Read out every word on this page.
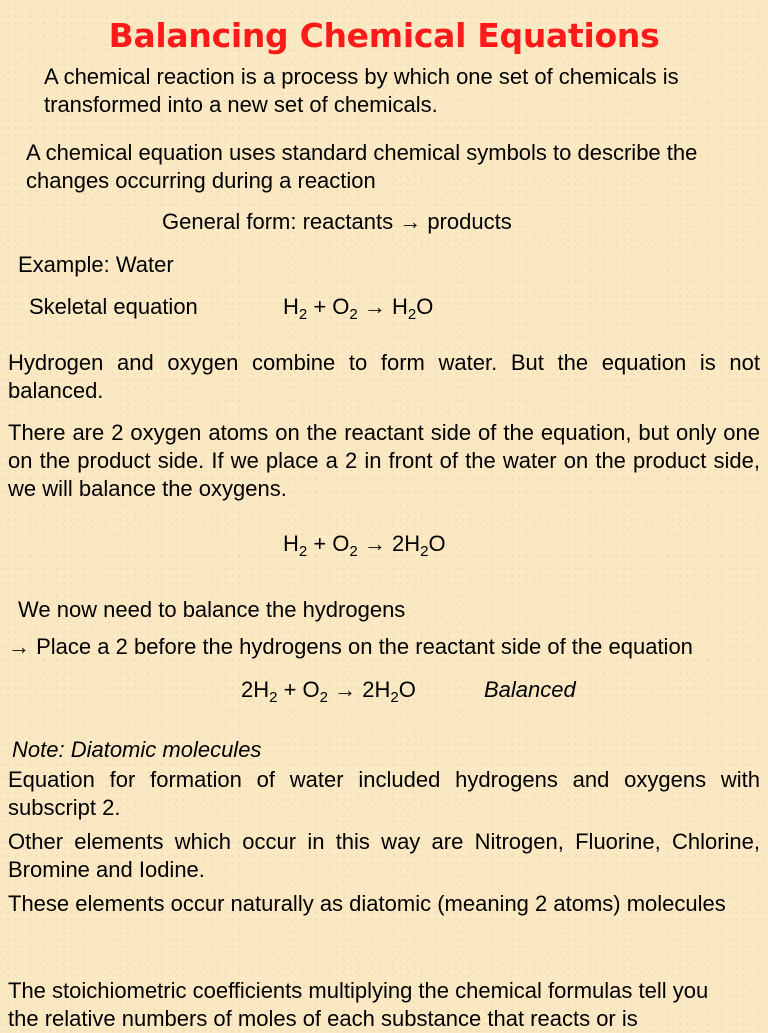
Balancing Chemical Equations
A chemical reaction is a process by which one set of chemicals is
transformed into a new set of chemicals.
A chemical equation uses standard chemical symbols to describe the
changes occurring during a reaction
General form: reactants → products
Example: Water
Skeletal equation	$H_2 + O_2 \to H_2O$
Hydrogen and oxygen combine to form water. But the equation is not balanced.
There are 2 oxygen atoms on the reactant side of the equation, but only one on the product side. If we place a 2 in front of the water on the product side, we will balance the oxygens.
$H_2 + O_2 \to 2H_2O$
We now need to balance the hydrogens
→ Place a 2 before the hydrogens on the reactant side of the equation
$2H_2 + O_2 \to 2H_2O$	Balanced
Note: Diatomic molecules
Equation for formation of water included hydrogens and oxygens with subscript 2.
Other elements which occur in this way are Nitrogen, Fluorine, Chlorine, Bromine and Iodine.
These elements occur naturally as diatomic (meaning 2 atoms) molecules
The stoichiometric coefficients multiplying the chemical formulas tell you
the relative numbers of moles of each substance that reacts or is
